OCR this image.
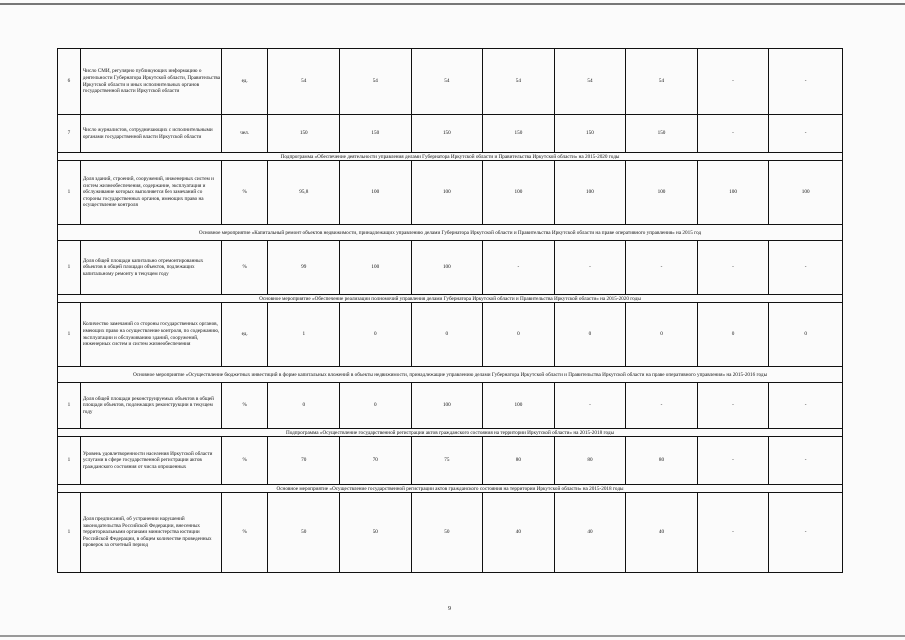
6	Число СМИ, регулярно публикующих информацию о деятельности Губернатора Иркутской области, Правительства Иркутской области и иных исполнительных органов государственной власти Иркутской области	ед.	54	54	54	54	54	54	-	-
7	Число журналистов, сотрудничающих с исполнительными органами государственной власти Иркутской области	чел.	150	150	150	150	150	150	-	-
Подпрограмма «Обеспечение деятельности управления делами Губернатора Иркутской области и Правительства Иркутской области» на 2015-2020 годы										
1	Доля зданий, строений, сооружений, инженерных систем и систем жизнеобеспечения, содержание, эксплуатация и обслуживание которых выполняется без замечаний со стороны государственных органов, имеющих право на осуществление контроля	%	95,8	100	100	100	100	100	100	100
Основное мероприятие «Капитальный ремонт объектов недвижимости, принадлежащих управлению делами Губернатора Иркутской области и Правительства Иркутской области на праве оперативного управления» на 2015 год										
1	Доля общей площади капитально отремонтированных объектов в общей площади объектов, подлежащих капитальному ремонту в текущем году	%	99	100	100	-	-	-	-	-
Основное мероприятие «Обеспечение реализации полномочий управления делами Губернатора Иркутской области и Правительства Иркутской области» на 2015-2020 годы										
1	Количество замечаний со стороны государственных органов, имеющих право на осуществление контроля, по содержанию, эксплуатации и обслуживанию зданий, сооружений, инженерных систем и систем жизнеобеспечения	ед.	1	0	0	0	0	0	0	0
Основное мероприятие «Осуществление бюджетных инвестиций в форме капитальных вложений в объекты недвижимости, принадлежащие управлению делами Губернатора Иркутской области и Правительства Иркутской области на праве оперативного управления» на 2015-2016 годы										
1	Доля общей площади реконструируемых объектов в общей площади объектов, подлежащих реконструкции в текущем году	%	0	0	100	100	-	-	-	-
Подпрограмма «Осуществление государственной регистрации актов гражданского состояния на территории Иркутской области» на 2015-2018 годы										
1	Уровень удовлетворенности населения Иркутской области услугами в сфере государственной регистрации актов гражданского состояния от числа опрошенных	%	70	70	75	80	80	80	-	-
Основное мероприятие «Осуществление государственной регистрации актов гражданского состояния на территории Иркутской области» на 2015-2018 годы										
1	Доля предписаний, об устранении нарушений законодательства Российской Федерации, внесенных территориальными органами министерства юстиции Российской Федерации, в общем количестве проведенных проверок за отчетный период	%	50	50	50	40	40	40	-	-
9
